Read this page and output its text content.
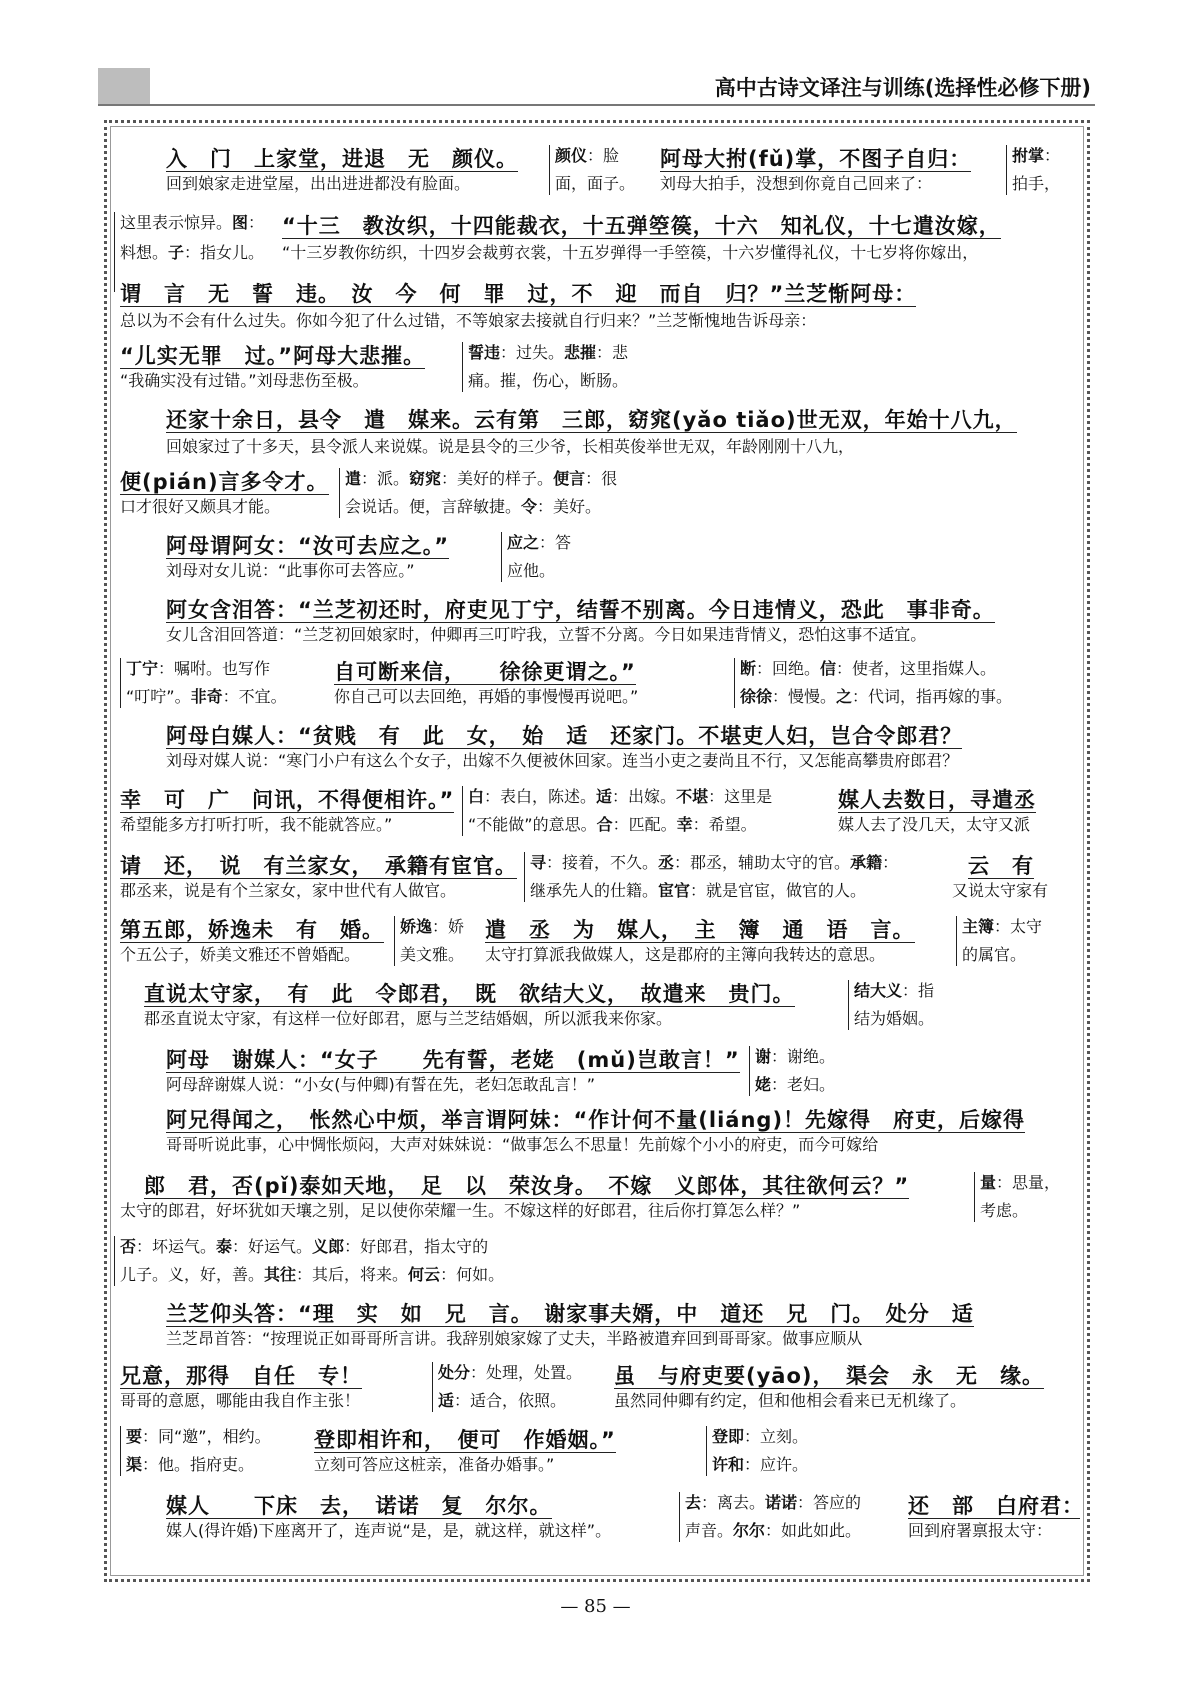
高中古诗文译注与训练(选择性必修下册)
入　门　上家堂，进退　无　颜仪。
回到娘家走进堂屋，出出进进都没有脸面。
颜仪：脸
面，面子。
阿母大拊(fǔ)掌，不图子自归：
刘母大拍手，没想到你竟自己回来了：
拊掌：
拍手，
这里表示惊异。图：
料想。子：指女儿。
“十三　教汝织，十四能裁衣，十五弹箜篌，十六　知礼仪，十七遣汝嫁，
“十三岁教你纺织，十四岁会裁剪衣裳，十五岁弹得一手箜篌，十六岁懂得礼仪，十七岁将你嫁出，
谓　言　无　誓　违。　汝　今　何　罪　过，不　迎　而自　归？”兰芝惭阿母：
总以为不会有什么过失。你如今犯了什么过错，不等娘家去接就自行归来？”兰芝惭愧地告诉母亲：
“儿实无罪　过。”阿母大悲摧。
“我确实没有过错。”刘母悲伤至极。
誓违：过失。悲摧：悲
痛。摧，伤心，断肠。
还家十余日，县令　遣　媒来。云有第　三郎，窈窕(yǎo tiǎo)世无双，年始十八九，
回娘家过了十多天，县令派人来说媒。说是县令的三少爷，长相英俊举世无双，年龄刚刚十八九，
便(pián)言多令才。
口才很好又颇具才能。
遣：派。窈窕：美好的样子。便言：很
会说话。便，言辞敏捷。令：美好。
阿母谓阿女：“汝可去应之。”
刘母对女儿说：“此事你可去答应。”
应之：答
应他。
阿女含泪答：“兰芝初还时，府吏见丁宁，结誓不别离。今日违情义，恐此　事非奇。
女儿含泪回答道：“兰芝初回娘家时，仲卿再三叮咛我，立誓不分离。今日如果违背情义，恐怕这事不适宜。
丁宁：嘱咐。也写作
“叮咛”。非奇：不宜。
自可断来信，　　徐徐更谓之。”
你自己可以去回绝，再婚的事慢慢再说吧。”
断：回绝。信：使者，这里指媒人。
徐徐：慢慢。之：代词，指再嫁的事。
阿母白媒人：“贫贱　有　此　女，　始　适　还家门。不堪吏人妇，岂合令郎君？
刘母对媒人说：“寒门小户有这么个女子，出嫁不久便被休回家。连当小吏之妻尚且不行，又怎能高攀贵府郎君？
幸　可　广　问讯，不得便相许。”
希望能多方打听打听，我不能就答应。”
白：表白，陈述。适：出嫁。不堪：这里是
“不能做”的意思。合：匹配。幸：希望。
媒人去数日，寻遣丞
媒人去了没几天，太守又派
请　还，　说　有兰家女，　承籍有宦官。
郡丞来，说是有个兰家女，家中世代有人做官。
寻：接着，不久。丞：郡丞，辅助太守的官。承籍：
继承先人的仕籍。宦官：就是官宦，做官的人。
云　有
又说太守家有
第五郎，娇逸未　有　婚。
个五公子，娇美文雅还不曾婚配。
娇逸：娇
美文雅。
遣　丞　为　媒人，　主　簿　通　语　言。
太守打算派我做媒人，这是郡府的主簿向我转达的意思。
主簿：太守
的属官。
直说太守家，　有　此　令郎君，　既　欲结大义，　故遣来　贵门。
郡丞直说太守家，有这样一位好郎君，愿与兰芝结婚姻，所以派我来你家。
结大义：指
结为婚姻。
阿母　谢媒人：“女子　　先有誓，老姥　(mǔ)岂敢言！”
阿母辞谢媒人说：“小女(与仲卿)有誓在先，老妇怎敢乱言！”
谢：谢绝。
姥：老妇。
阿兄得闻之，　怅然心中烦，举言谓阿妹：“作计何不量(liáng)！先嫁得　府吏，后嫁得
哥哥听说此事，心中惆怅烦闷，大声对妹妹说：“做事怎么不思量！先前嫁个小小的府吏，而今可嫁给
郎　君，否(pǐ)泰如天地，　足　以　荣汝身。　不嫁　义郎体，其往欲何云？”
太守的郎君，好坏犹如天壤之别，足以使你荣耀一生。不嫁这样的好郎君，往后你打算怎么样？”
量：思量，
考虑。
否：坏运气。泰：好运气。义郎：好郎君，指太守的
儿子。义，好，善。其往：其后，将来。何云：何如。
兰芝仰头答：“理　实　如　兄　言。　谢家事夫婿，中　道还　兄　门。　处分　适
兰芝昂首答：“按理说正如哥哥所言讲。我辞别娘家嫁了丈夫，半路被遣弃回到哥哥家。做事应顺从
兄意，那得　自任　专！
哥哥的意愿，哪能由我自作主张！
处分：处理，处置。
适：适合，依照。
虽　与府吏要(yāo)，　渠会　永　无　缘。
虽然同仲卿有约定，但和他相会看来已无机缘了。
要：同“邀”，相约。
渠：他。指府吏。
登即相许和，　便可　作婚姻。”
立刻可答应这桩亲，准备办婚事。”
登即：立刻。
许和：应许。
媒人　　下床　去，　诺诺　复　尔尔。
媒人(得许婚)下座离开了，连声说“是，是，就这样，就这样”。
去：离去。诺诺：答应的
声音。尔尔：如此如此。
还　部　白府君：
回到府署禀报太守：
— 85 —
